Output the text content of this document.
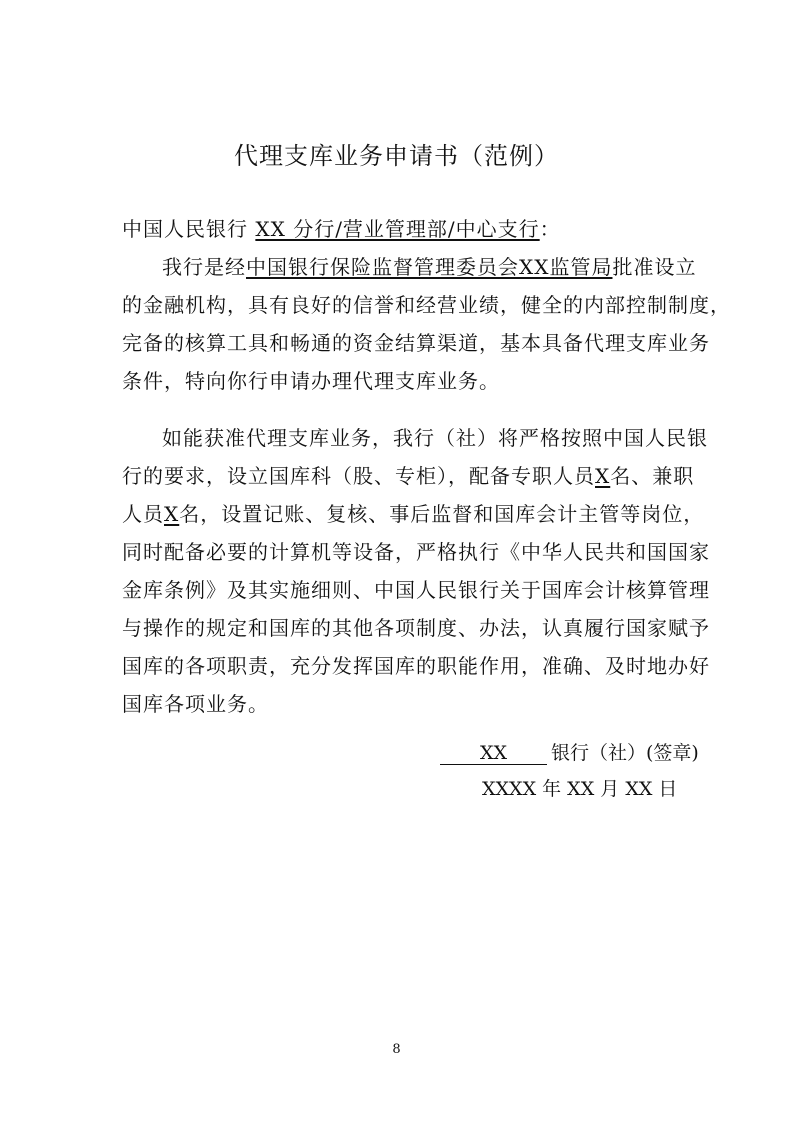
代理支库业务申请书（范例）
中国人民银行 XX 分行/营业管理部/中心支行：
我行是经中国银行保险监督管理委员会XX监管局批准设立
的金融机构，具有良好的信誉和经营业绩，健全的内部控制制度，
完备的核算工具和畅通的资金结算渠道，基本具备代理支库业务
条件，特向你行申请办理代理支库业务。
如能获准代理支库业务，我行（社）将严格按照中国人民银
行的要求，设立国库科（股、专柜），配备专职人员X名、兼职
人员X名，设置记账、复核、事后监督和国库会计主管等岗位，
同时配备必要的计算机等设备，严格执行《中华人民共和国国家
金库条例》及其实施细则、中国人民银行关于国库会计核算管理
与操作的规定和国库的其他各项制度、办法，认真履行国家赋予
国库的各项职责，充分发挥国库的职能作用，准确、及时地办好
国库各项业务。
XX 银行（社）(签章)
XXXX 年 XX 月 XX 日
8
